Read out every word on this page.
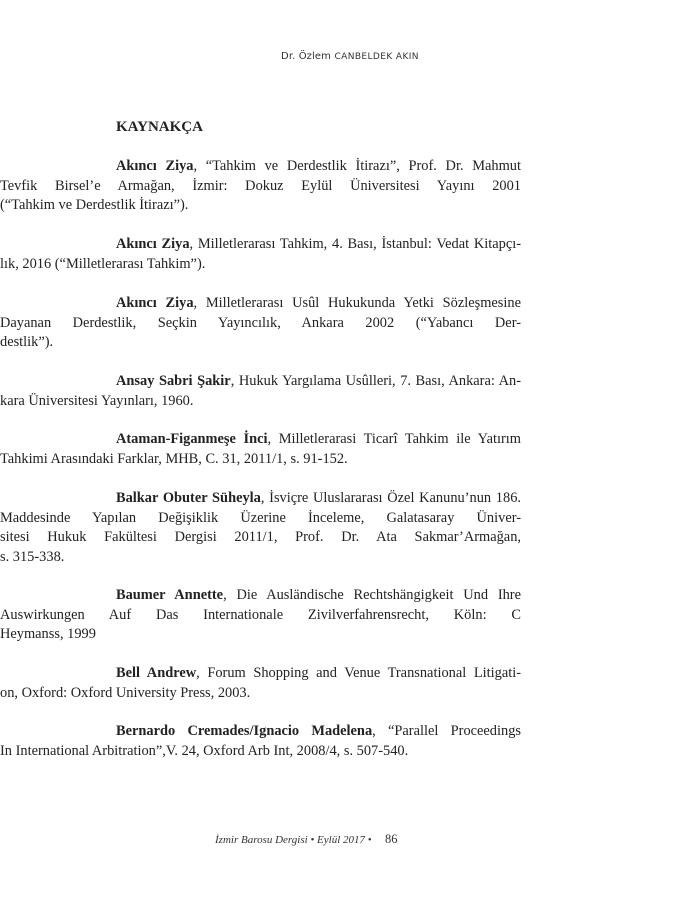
Dr. Özlem CANBELDEK AKIN
KAYNAKÇA
Akıncı Ziya, “Tahkim ve Derdestlik İtirazı”, Prof. Dr. Mahmut
Tevfik Birsel’e Armağan, İzmir: Dokuz Eylül Üniversitesi Yayını 2001
(“Tahkim ve Derdestlik İtirazı”).
Akıncı Ziya, Milletlerarası Tahkim, 4. Bası, İstanbul: Vedat Kitapçı-
lık, 2016 (“Milletlerarası Tahkim”).
Akıncı Ziya, Milletlerarası Usûl Hukukunda Yetki Sözleşmesine
Dayanan Derdestlik, Seçkin Yayıncılık, Ankara 2002 (“Yabancı Der-
destlik”).
Ansay Sabri Şakir, Hukuk Yargılama Usûlleri, 7. Bası, Ankara: An-
kara Üniversitesi Yayınları, 1960.
Ataman-Figanmeşe İnci, Milletlerarasi Ticarî Tahkim ile Yatırım
Tahkimi Arasındaki Farklar, MHB, C. 31, 2011/1, s. 91-152.
Balkar Obuter Süheyla, İsviçre Uluslararası Özel Kanunu’nun 186.
Maddesinde Yapılan Değişiklik Üzerine İnceleme, Galatasaray Üniver-
sitesi Hukuk Fakültesi Dergisi 2011/1, Prof. Dr. Ata Sakmar’Armağan,
s. 315-338.
Baumer Annette, Die Ausländische Rechtshängigkeit Und Ihre
Auswirkungen Auf Das Internationale Zivilverfahrensrecht, Köln: C
Heymanss, 1999
Bell Andrew, Forum Shopping and Venue Transnational Litigati-
on, Oxford: Oxford University Press, 2003.
Bernardo Cremades/Ignacio Madelena, “Parallel Proceedings
In International Arbitration”,V. 24, Oxford Arb Int, 2008/4, s. 507-540.
İzmir Barosu Dergisi • Eylül 2017 • 86
